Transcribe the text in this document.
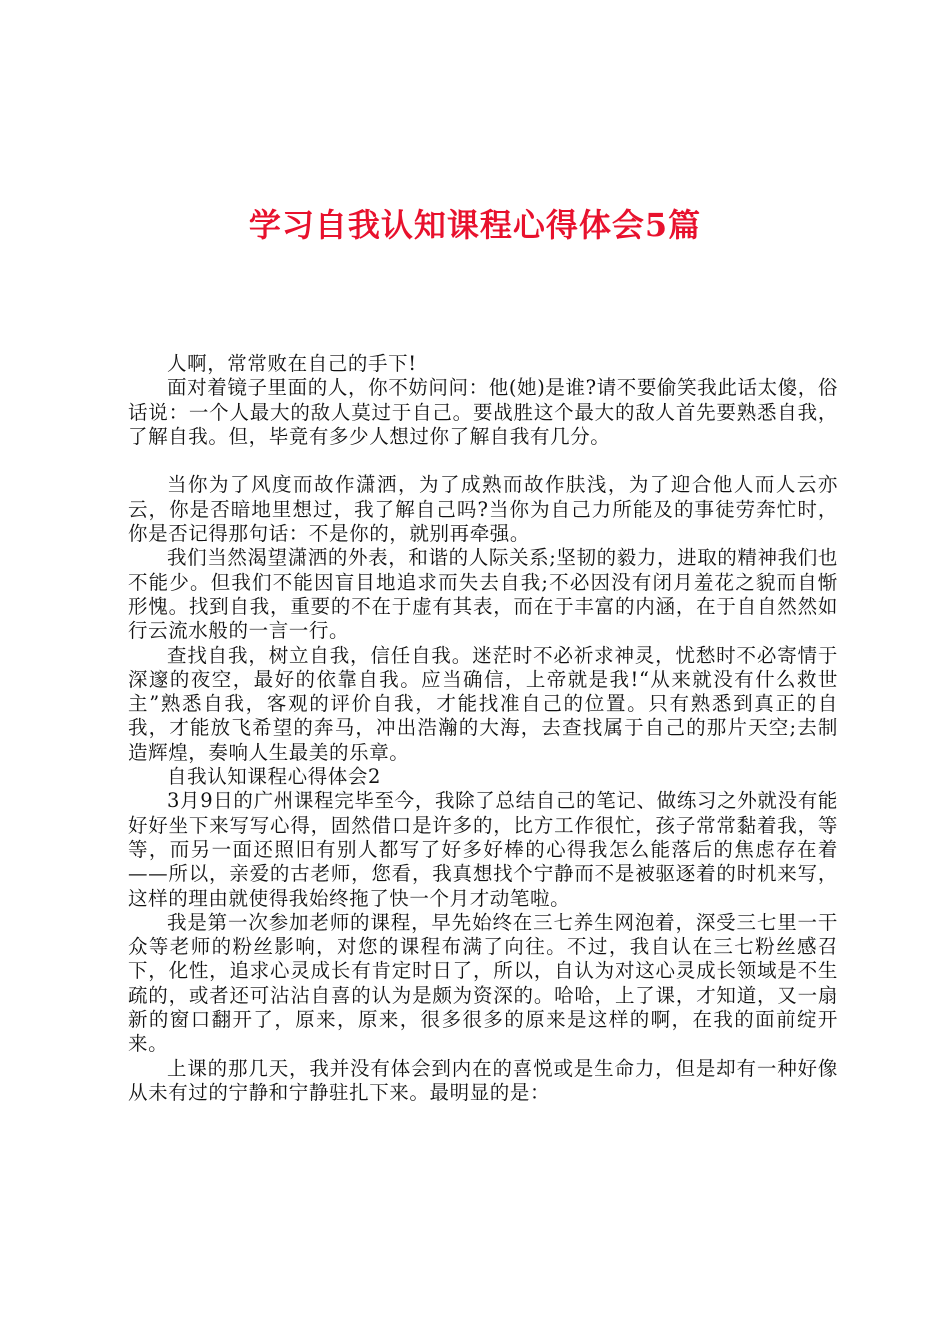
学习自我认知课程心得体会5篇

人啊，常常败在自己的手下!

面对着镜子里面的人，你不妨问问：他(她)是谁?请不要偷笑我此话太傻，俗话说：一个人最大的敌人莫过于自己。要战胜这个最大的敌人首先要熟悉自我，了解自我。但，毕竟有多少人想过你了解自我有几分。

当你为了风度而故作潇洒，为了成熟而故作肤浅，为了迎合他人而人云亦云，你是否暗地里想过，我了解自己吗?当你为自己力所能及的事徒劳奔忙时，你是否记得那句话：不是你的，就别再牵强。

我们当然渴望潇洒的外表，和谐的人际关系;坚韧的毅力，进取的精神我们也不能少。但我们不能因盲目地追求而失去自我;不必因没有闭月羞花之貌而自惭形愧。找到自我，重要的不在于虚有其表，而在于丰富的内涵，在于自自然然如行云流水般的一言一行。

查找自我，树立自我，信任自我。迷茫时不必祈求神灵，忧愁时不必寄情于深邃的夜空，最好的依靠自我。应当确信，上帝就是我!“从来就没有什么救世主”熟悉自我，客观的评价自我，才能找准自己的位置。只有熟悉到真正的自我，才能放飞希望的奔马，冲出浩瀚的大海，去查找属于自己的那片天空;去制造辉煌，奏响人生最美的乐章。

自我认知课程心得体会2

3月9日的广州课程完毕至今，我除了总结自己的笔记、做练习之外就没有能好好坐下来写写心得，固然借口是许多的，比方工作很忙，孩子常常黏着我，等等，而另一面还照旧有别人都写了好多好棒的心得我怎么能落后的焦虑存在着——所以，亲爱的古老师，您看，我真想找个宁静而不是被驱逐着的时机来写，这样的理由就使得我始终拖了快一个月才动笔啦。

我是第一次参加老师的课程，早先始终在三七养生网泡着，深受三七里一干众等老师的粉丝影响，对您的课程布满了向往。不过，我自认在三七粉丝感召下，化性，追求心灵成长有肯定时日了，所以，自认为对这心灵成长领域是不生疏的，或者还可沾沾自喜的认为是颇为资深的。哈哈，上了课，才知道，又一扇新的窗口翻开了，原来，原来，很多很多的原来是这样的啊，在我的面前绽开来。

上课的那几天，我并没有体会到内在的喜悦或是生命力，但是却有一种好像从未有过的宁静和宁静驻扎下来。最明显的是：
